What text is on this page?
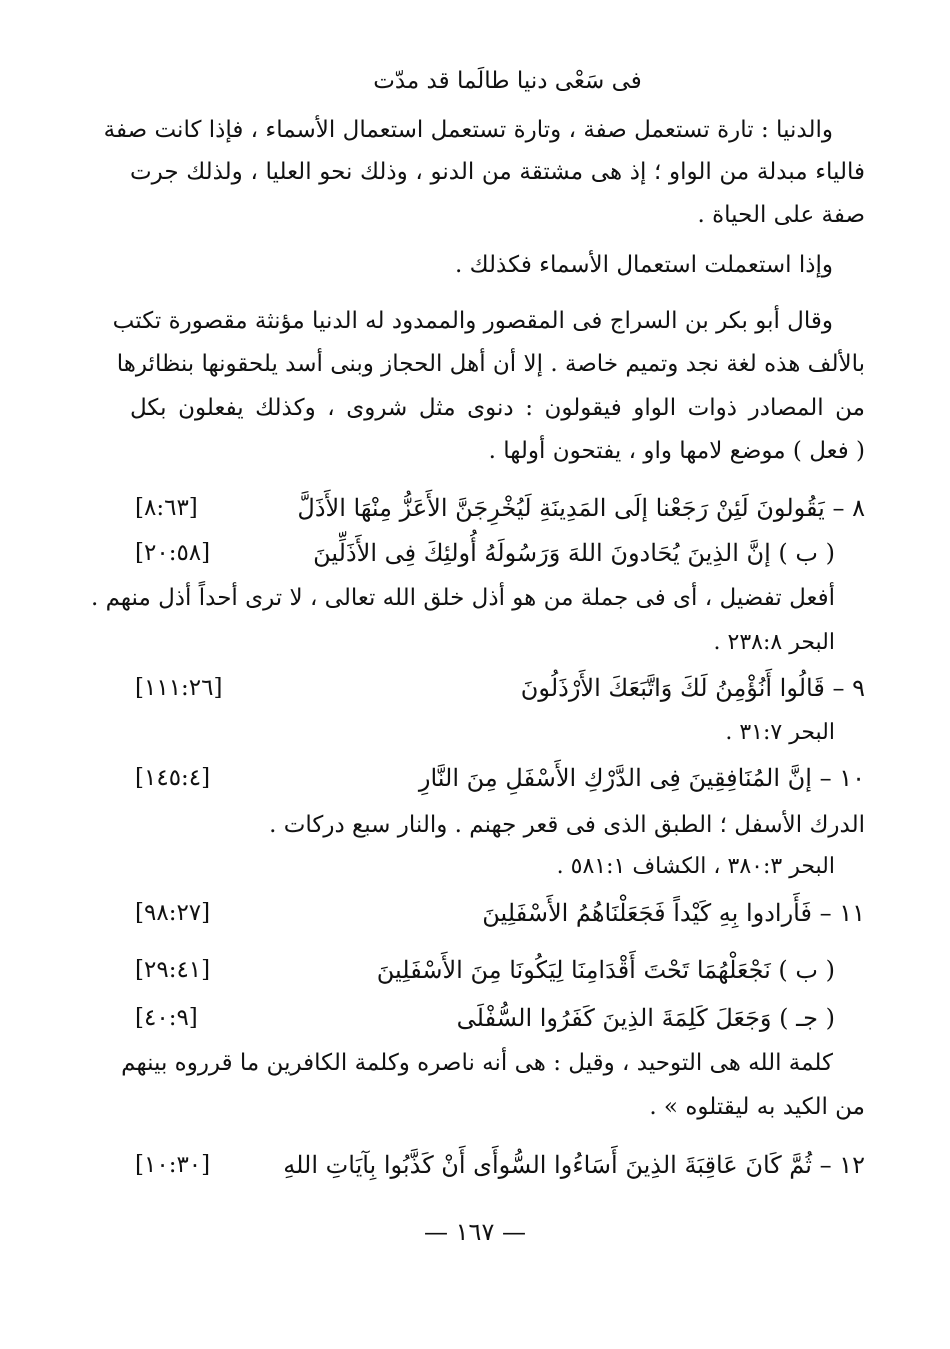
فى سَعْى دنيا طالَما قد مدّت
والدنيا : تارة تستعمل صفة ، وتارة تستعمل استعمال الأسماء ، فإذا كانت صفة
فالياء مبدلة من الواو ؛ إذ هى مشتقة من الدنو ، وذلك نحو العليا ، ولذلك جرت
صفة على الحياة .
وإذا استعملت استعمال الأسماء فكذلك .
وقال أبو بكر بن السراج فى المقصور والممدود له الدنيا مؤنثة مقصورة تكتب
بالألف هذه لغة نجد وتميم خاصة . إلا أن أهل الحجاز وبنى أسد يلحقونها بنظائرها
من المصادر ذوات الواو فيقولون : دنوى مثل شروى ، وكذلك يفعلون بكل
( فعل ) موضع لامها واو ، يفتحون أولها .
٨ – يَقُولونَ لَئِنْ رَجَعْنا إلَى المَدِينَةِ لَيُخْرِجَنَّ الأَعَزُّ مِنْهَا الأَذَلَّ
[٨:٦٣]
( ب ) إنَّ الذِينَ يُحَادونَ اللهَ وَرَسُولَهُ أُولئِكَ فِى الأَذَلِّينَ
[٢٠:٥٨]
أفعل تفضيل ، أى فى جملة من هو أذل خلق الله تعالى ، لا ترى أحداً أذل منهم .
البحر ٢٣٨:٨ .
٩ – قَالُوا أَنُؤْمِنُ لَكَ وَاتَّبَعَكَ الأَرْذَلُونَ
[١١١:٢٦]
البحر ٣١:٧ .
١٠ – إنَّ المُنَافِقِينَ فِى الدَّرْكِ الأَسْفَلِ مِنَ النَّارِ
[١٤٥:٤]
الدرك الأسفل ؛ الطبق الذى فى قعر جهنم . والنار سبع دركات .
البحر ٣٨٠:٣ ، الكشاف ٥٨١:١ .
١١ – فَأَرادوا بِهِ كَيْداً فَجَعَلْنَاهُمُ الأَسْفَلِينَ
[٩٨:٢٧]
( ب ) نَجْعَلْهُمَا تَحْتَ أَقْدَامِنَا لِيَكُونَا مِنَ الأَسْفَلِينَ
[٢٩:٤١]
( جـ ) وَجَعَلَ كَلِمَةَ الذِينَ كَفَرُوا السُّفْلَى
[٤٠:٩]
كلمة الله هى التوحيد ، وقيل : هى أنه ناصره وكلمة الكافرين ما قرروه بينهم
من الكيد به ليقتلوه » .
١٢ – ثُمَّ كَانَ عَاقِبَةَ الذِينَ أَسَاءُوا السُّوأَى أَنْ كَذَّبُوا بِآيَاتِ اللهِ
[١٠:٣٠]
— ١٦٧ —
